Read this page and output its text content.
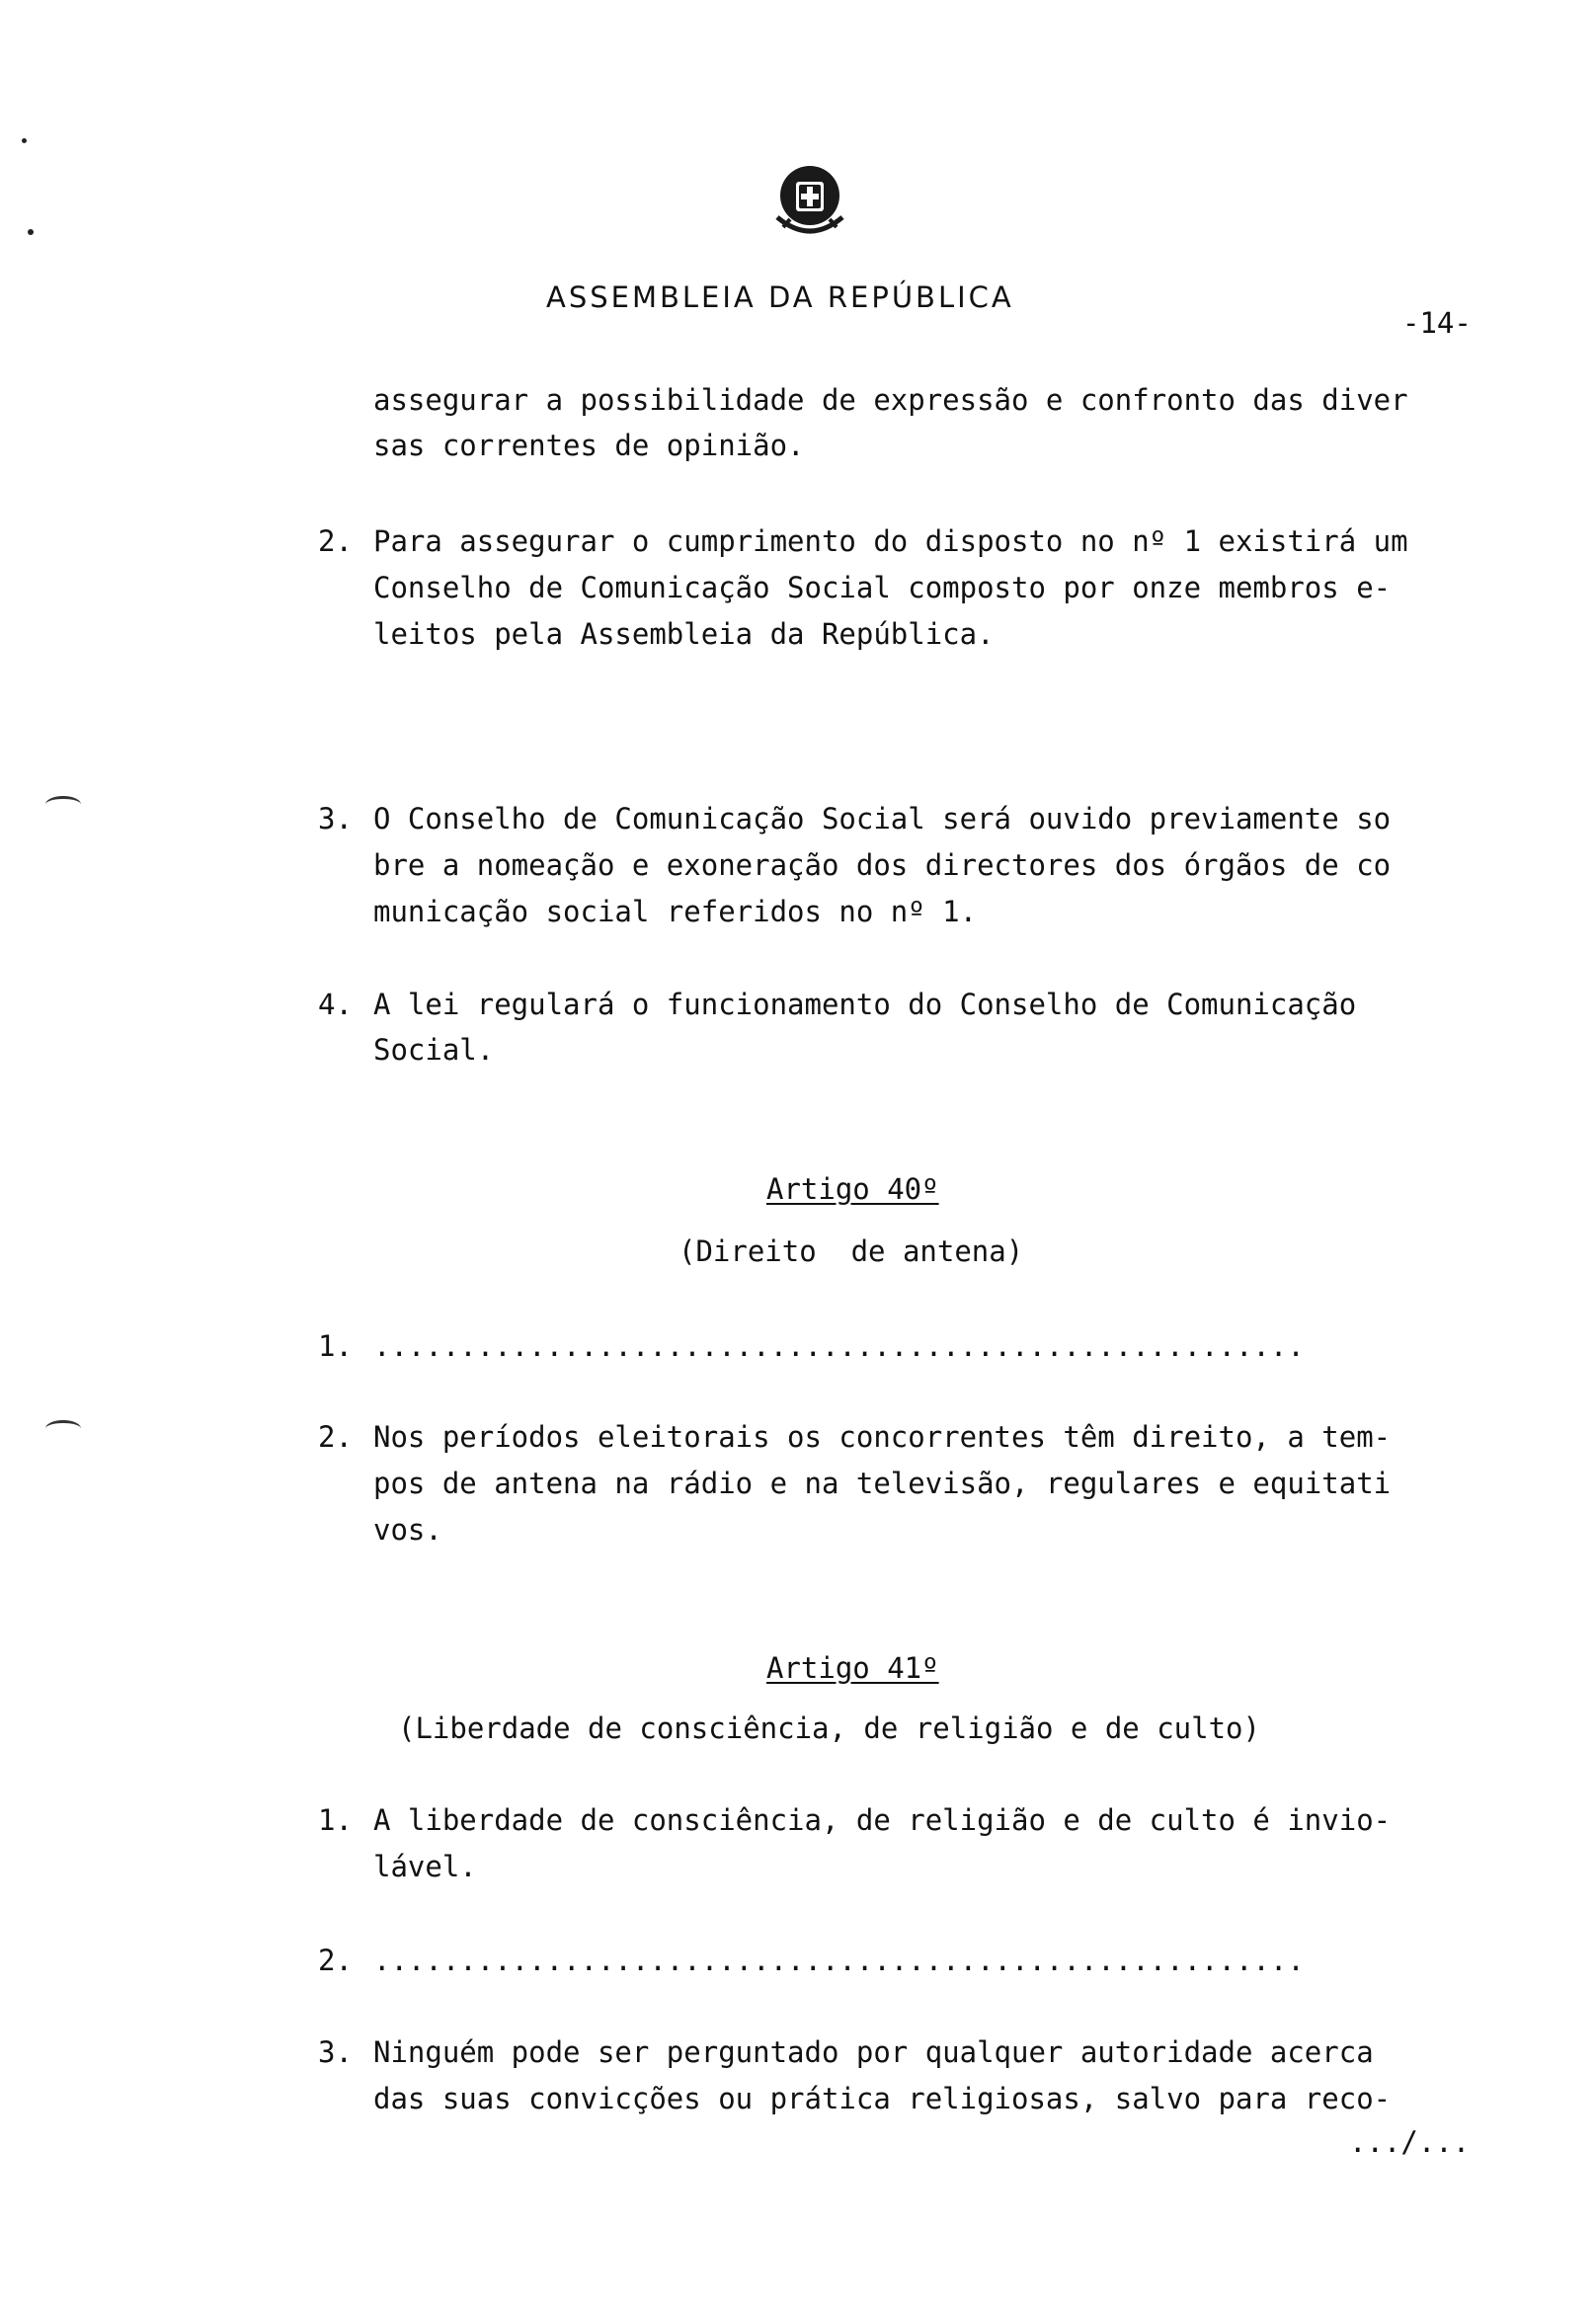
ASSEMBLEIA DA REPÚBLICA
-14-
assegurar a possibilidade de expressão e confronto das diver
sas correntes de opinião.
2. Para assegurar o cumprimento do disposto no nº 1 existirá um
Conselho de Comunicação Social composto por onze membros e-
leitos pela Assembleia da República.
3. O Conselho de Comunicação Social será ouvido previamente so
bre a nomeação e exoneração dos directores dos órgãos de co
municação social referidos no nº 1.
4. A lei regulará o funcionamento do Conselho de Comunicação
Social.
Artigo 40º
(Direito  de antena)
1. ......................................................
2. Nos períodos eleitorais os concorrentes têm direito, a tem-
pos de antena na rádio e na televisão, regulares e equitati
vos.
Artigo 41º
(Liberdade de consciência, de religião e de culto)
1. A liberdade de consciência, de religião e de culto é invio-
lável.
2. ......................................................
3. Ninguém pode ser perguntado por qualquer autoridade acerca
das suas convicções ou prática religiosas, salvo para reco-
.../...
